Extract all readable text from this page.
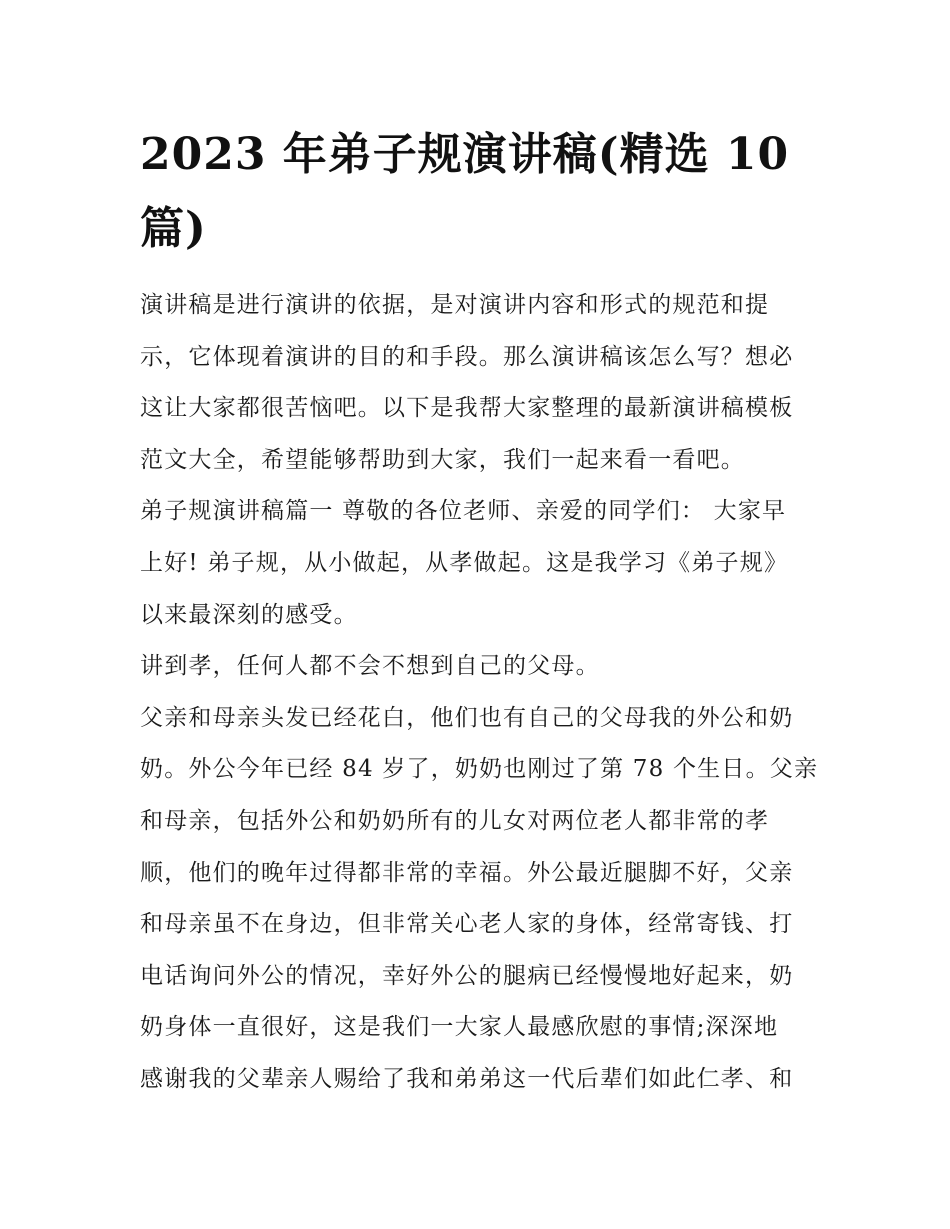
2023 年弟子规演讲稿(精选 10
篇)
演讲稿是进行演讲的依据，是对演讲内容和形式的规范和提
示，它体现着演讲的目的和手段。那么演讲稿该怎么写？想必
这让大家都很苦恼吧。以下是我帮大家整理的最新演讲稿模板
范文大全，希望能够帮助到大家，我们一起来看一看吧。
弟子规演讲稿篇一 尊敬的各位老师、亲爱的同学们： 大家早
上好! 弟子规，从小做起，从孝做起。这是我学习《弟子规》
以来最深刻的感受。
讲到孝，任何人都不会不想到自己的父母。
父亲和母亲头发已经花白，他们也有自己的父母我的外公和奶
奶。外公今年已经 84 岁了，奶奶也刚过了第 78 个生日。父亲
和母亲，包括外公和奶奶所有的儿女对两位老人都非常的孝
顺，他们的晚年过得都非常的幸福。外公最近腿脚不好，父亲
和母亲虽不在身边，但非常关心老人家的身体，经常寄钱、打
电话询问外公的情况，幸好外公的腿病已经慢慢地好起来，奶
奶身体一直很好，这是我们一大家人最感欣慰的事情;深深地
感谢我的父辈亲人赐给了我和弟弟这一代后辈们如此仁孝、和
